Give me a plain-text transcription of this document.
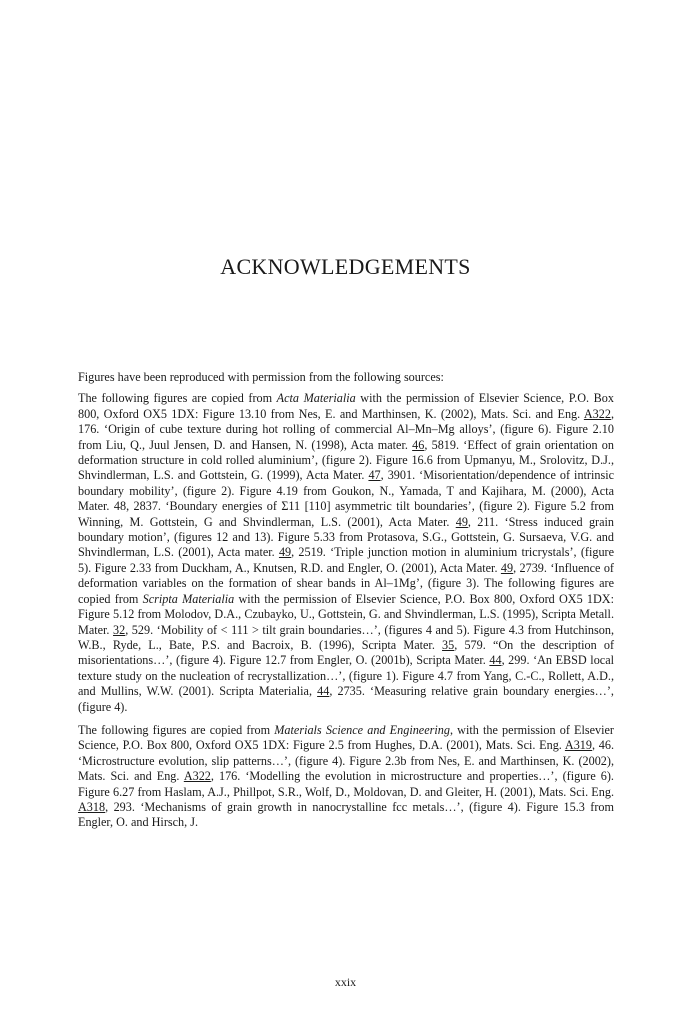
ACKNOWLEDGEMENTS

Figures have been reproduced with permission from the following sources:

The following figures are copied from Acta Materialia with the permission of Elsevier Science, P.O. Box 800, Oxford OX5 1DX: Figure 13.10 from Nes, E. and Marthinsen, K. (2002), Mats. Sci. and Eng. A322, 176. ‘Origin of cube texture during hot rolling of commercial Al–Mn–Mg alloys’, (figure 6). Figure 2.10 from Liu, Q., Juul Jensen, D. and Hansen, N. (1998), Acta mater. 46, 5819. ‘Effect of grain orientation on deformation structure in cold rolled aluminium’, (figure 2). Figure 16.6 from Upmanyu, M., Srolovitz, D.J., Shvindlerman, L.S. and Gottstein, G. (1999), Acta Mater. 47, 3901. ‘Misorientation/dependence of intrinsic boundary mobility’, (figure 2). Figure 4.19 from Goukon, N., Yamada, T and Kajihara, M. (2000), Acta Mater. 48, 2837. ‘Boundary energies of Σ11 [110] asymmetric tilt boundaries’, (figure 2). Figure 5.2 from Winning, M. Gottstein, G and Shvindlerman, L.S. (2001), Acta Mater. 49, 211. ‘Stress induced grain boundary motion’, (figures 12 and 13). Figure 5.33 from Protasova, S.G., Gottstein, G. Sursaeva, V.G. and Shvindlerman, L.S. (2001), Acta mater. 49, 2519. ‘Triple junction motion in aluminium tricrystals’, (figure 5). Figure 2.33 from Duckham, A., Knutsen, R.D. and Engler, O. (2001), Acta Mater. 49, 2739. ‘Influence of deformation variables on the formation of shear bands in Al–1Mg’, (figure 3). The following figures are copied from Scripta Materialia with the permission of Elsevier Science, P.O. Box 800, Oxford OX5 1DX: Figure 5.12 from Molodov, D.A., Czubayko, U., Gottstein, G. and Shvindlerman, L.S. (1995), Scripta Metall. Mater. 32, 529. ‘Mobility of < 111 > tilt grain boundaries…’, (figures 4 and 5). Figure 4.3 from Hutchinson, W.B., Ryde, L., Bate, P.S. and Bacroix, B. (1996), Scripta Mater. 35, 579. “On the description of misorientations…’, (figure 4). Figure 12.7 from Engler, O. (2001b), Scripta Mater. 44, 299. ‘An EBSD local texture study on the nucleation of recrystallization…’, (figure 1). Figure 4.7 from Yang, C.-C., Rollett, A.D., and Mullins, W.W. (2001). Scripta Materialia, 44, 2735. ‘Measuring relative grain boundary energies…’, (figure 4).

The following figures are copied from Materials Science and Engineering, with the permission of Elsevier Science, P.O. Box 800, Oxford OX5 1DX: Figure 2.5 from Hughes, D.A. (2001), Mats. Sci. Eng. A319, 46. ‘Microstructure evolution, slip patterns…’, (figure 4). Figure 2.3b from Nes, E. and Marthinsen, K. (2002), Mats. Sci. and Eng. A322, 176. ‘Modelling the evolution in microstructure and properties…’, (figure 6). Figure 6.27 from Haslam, A.J., Phillpot, S.R., Wolf, D., Moldovan, D. and Gleiter, H. (2001), Mats. Sci. Eng. A318, 293. ‘Mechanisms of grain growth in nanocrystalline fcc metals…’, (figure 4). Figure 15.3 from Engler, O. and Hirsch, J.

xxix
